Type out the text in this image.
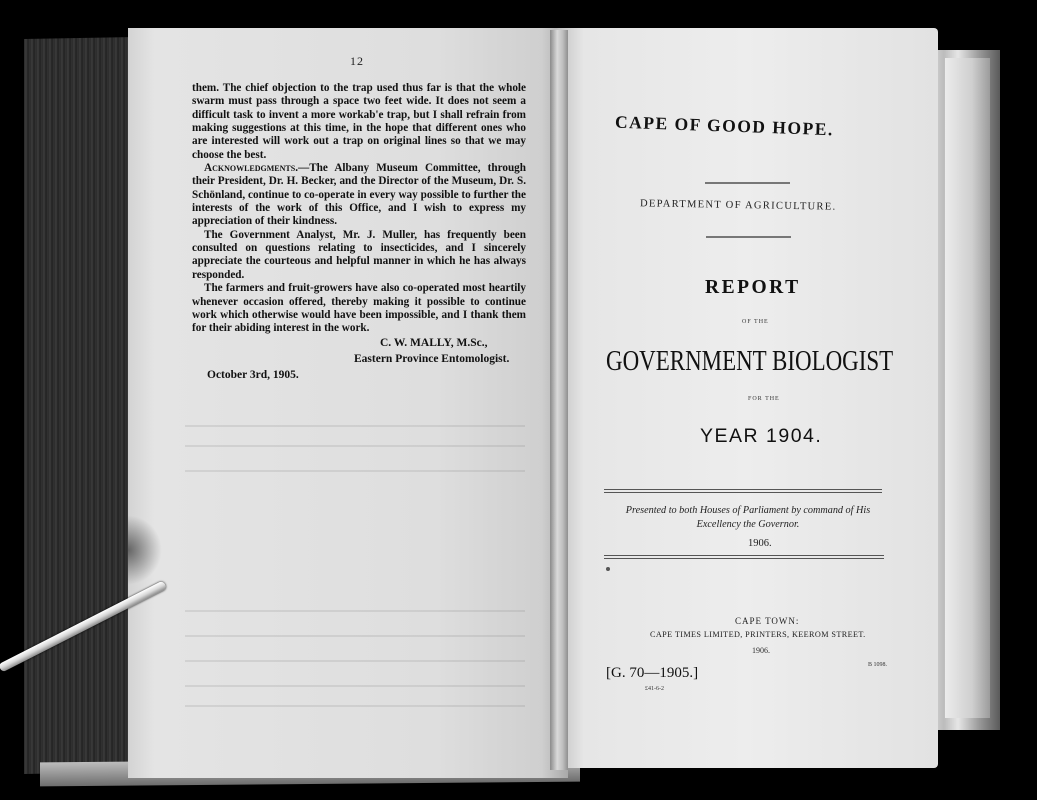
12

them. The chief objection to the trap used thus far is that the whole swarm must pass through a space two feet wide. It does not seem a difficult task to invent a more workab'e trap, but I shall refrain from making suggestions at this time, in the hope that different ones who are interested will work out a trap on original lines so that we may choose the best.

Acknowledgments.—The Albany Museum Committee, through their President, Dr. H. Becker, and the Director of the Museum, Dr. S. Schönland, continue to co-operate in every way possible to further the interests of the work of this Office, and I wish to express my appreciation of their kindness.

The Government Analyst, Mr. J. Muller, has frequently been consulted on questions relating to insecticides, and I sincerely appreciate the courteous and helpful manner in which he has always responded.

The farmers and fruit-growers have also co-operated most heartily whenever occasion offered, thereby making it possible to continue work which otherwise would have been impossible, and I thank them for their abiding interest in the work.

C. W. MALLY, M.Sc.,
Eastern Province Entomologist.
October 3rd, 1905.
CAPE OF GOOD HOPE.
DEPARTMENT OF AGRICULTURE.
REPORT
OF THE
GOVERNMENT BIOLOGIST
FOR THE
YEAR 1904.
Presented to both Houses of Parliament by command of His Excellency the Governor.
1906.
CAPE TOWN:
CAPE TIMES LIMITED, PRINTERS, KEEROM STREET.
1906.
[G. 70—1905.]
£41-6-2
B 1098.
